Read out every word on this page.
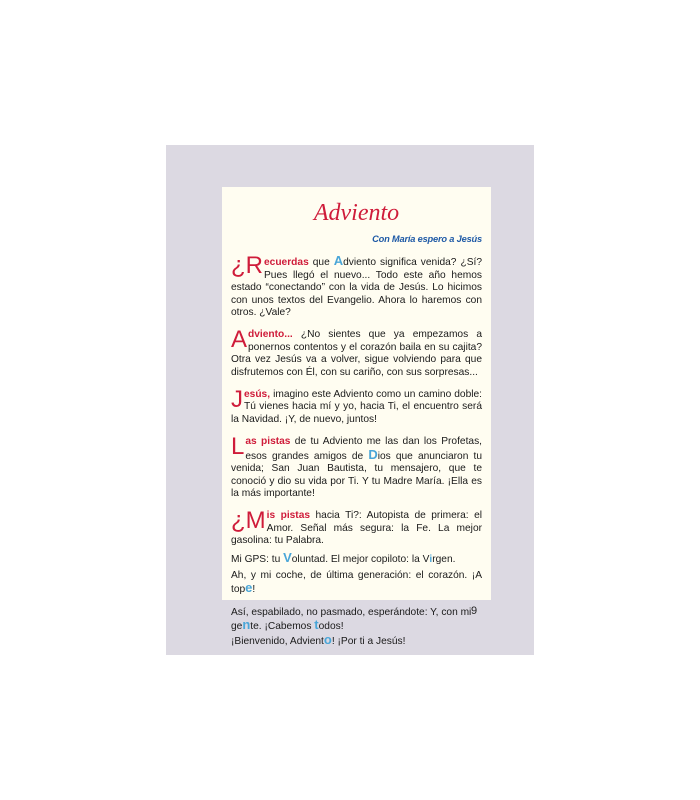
Adviento
Con María espero a Jesús

¿R ecuerdas que Adviento significa venida? ¿Sí? Pues llegó el nuevo... Todo este año hemos estado “conectando” con la vida de Jesús. Lo hicimos con unos textos del Evangelio. Ahora lo haremos con otros. ¿Vale?

Adviento... ¿No sientes que ya empezamos a ponernos contentos y el corazón baila en su cajita? Otra vez Jesús va a volver, sigue volviendo para que disfrutemos con Él, con su cariño, con sus sorpresas...

Jesús, imagino este Adviento como un camino doble: Tú vienes hacia mí y yo, hacia Ti, el encuentro será la Navidad. ¡Y, de nuevo, juntos!

Las pistas de tu Adviento me las dan los Profetas, esos grandes amigos de Dios que anunciaron tu venida; San Juan Bautista, tu mensajero, que te conoció y dio su vida por Ti. Y tu Madre María. ¡Ella es la más importante!

¿M is pistas hacia Ti?: Autopista de primera: el Amor. Señal más segura: la Fe. La mejor gasolina: tu Palabra.

Mi GPS: tu Voluntad. El mejor copiloto: la Virgen.

Ah, y mi coche, de última generación: el corazón. ¡A tope!

Así, espabilado, no pasmado, esperándote: Y, con mi
gente. ¡Cabemos todos!
¡Bienvenido, Adviento! ¡Por ti a Jesús!

9
